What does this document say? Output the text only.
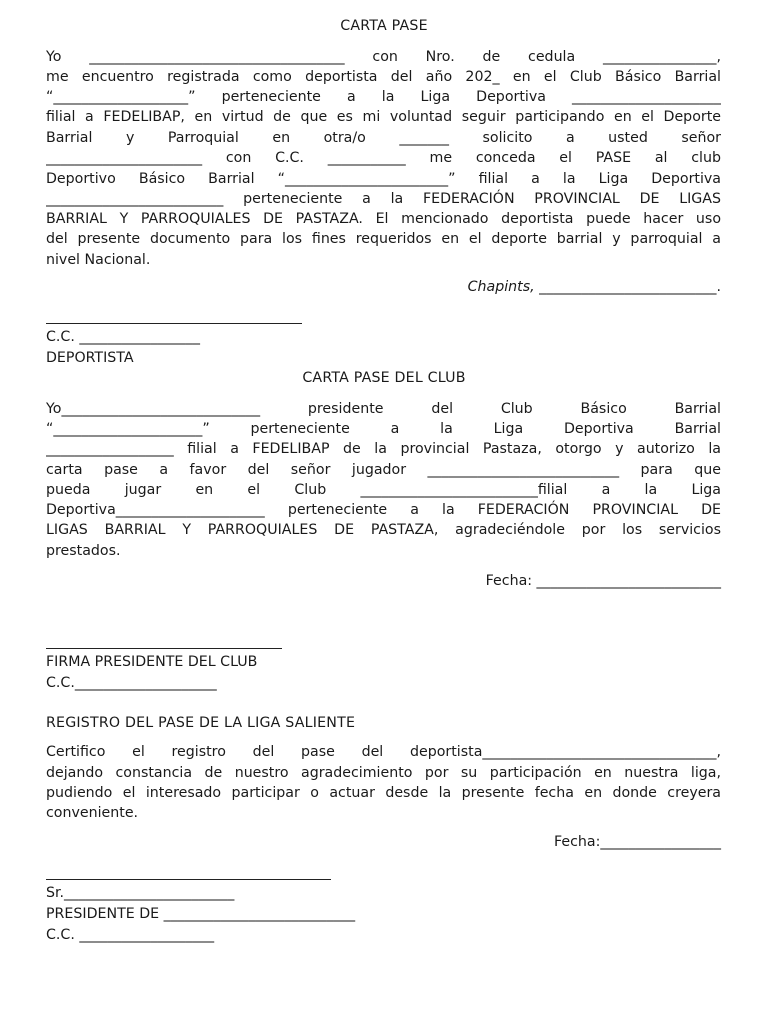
CARTA PASE
Yo ____________________________________ con Nro. de cedula ________________,
me encuentro registrada como deportista del año 202_ en el Club Básico Barrial
“___________________” perteneciente a la Liga Deportiva _____________________
filial a FEDELIBAP, en virtud de que es mi voluntad seguir participando en el Deporte
Barrial y Parroquial en otra/o _______ solicito a usted señor
______________________ con C.C. ___________ me conceda el PASE al club
Deportivo Básico Barrial “_______________________” filial a la Liga Deportiva
_________________________ perteneciente a la FEDERACIÓN PROVINCIAL DE LIGAS
BARRIAL Y PARROQUIALES DE PASTAZA. El mencionado deportista puede hacer uso
del presente documento para los fines requeridos en el deporte barrial y parroquial a
nivel Nacional.
Chapints, _________________________.
C.C. _________________
DEPORTISTA
CARTA PASE DEL CLUB
Yo____________________________ presidente del Club Básico Barrial
“_____________________” perteneciente a la Liga Deportiva Barrial
__________________ filial a FEDELIBAP de la provincial Pastaza, otorgo y autorizo la
carta pase a favor del señor jugador ___________________________ para que
pueda jugar en el Club _________________________filial a la Liga
Deportiva_____________________ perteneciente a la FEDERACIÓN PROVINCIAL DE
LIGAS BARRIAL Y PARROQUIALES DE PASTAZA, agradeciéndole por los servicios
prestados.
Fecha: __________________________
FIRMA PRESIDENTE DEL CLUB
C.C.____________________
REGISTRO DEL PASE DE LA LIGA SALIENTE
Certifico el registro del pase del deportista_________________________________,
dejando constancia de nuestro agradecimiento por su participación en nuestra liga,
pudiendo el interesado participar o actuar desde la presente fecha en donde creyera
conveniente.
Fecha:_________________
Sr.________________________
PRESIDENTE DE ___________________________
C.C. ___________________
